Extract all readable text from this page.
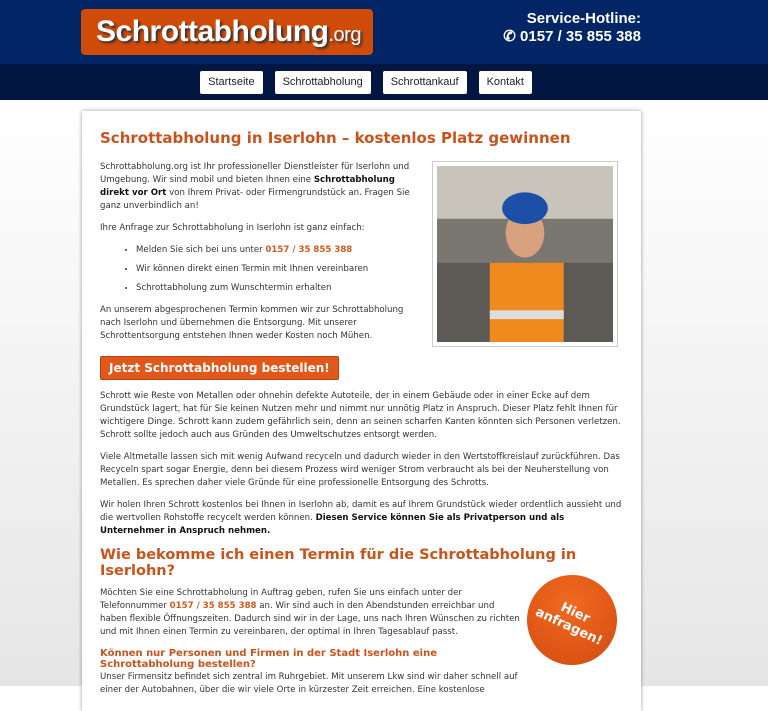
Schrottabholung.org
Service-Hotline:
✆ 0157 / 35 855 388
Startseite	Schrottabholung	Schrottankauf	Kontakt
Schrottabholung in Iserlohn – kostenlos Platz gewinnen

Schrottabholung.org ist Ihr professioneller Dienstleister für Iserlohn und Umgebung. Wir sind mobil und bieten Ihnen eine Schrottabholung direkt vor Ort von Ihrem Privat- oder Firmengrundstück an. Fragen Sie ganz unverbindlich an!

Ihre Anfrage zur Schrottabholung in Iserlohn ist ganz einfach:

• Melden Sie sich bei uns unter 0157 / 35 855 388
• Wir können direkt einen Termin mit Ihnen vereinbaren
• Schrottabholung zum Wunschtermin erhalten

An unserem abgesprochenen Termin kommen wir zur Schrottabholung nach Iserlohn und übernehmen die Entsorgung. Mit unserer Schrottentsorgung entstehen Ihnen weder Kosten noch Mühen.

Jetzt Schrottabholung bestellen!

Schrott wie Reste von Metallen oder ohnehin defekte Autoteile, der in einem Gebäude oder in einer Ecke auf dem Grundstück lagert, hat für Sie keinen Nutzen mehr und nimmt nur unnötig Platz in Anspruch. Dieser Platz fehlt Ihnen für wichtigere Dinge. Schrott kann zudem gefährlich sein, denn an seinen scharfen Kanten könnten sich Personen verletzen. Schrott sollte jedoch auch aus Gründen des Umweltschutzes entsorgt werden.

Viele Altmetalle lassen sich mit wenig Aufwand recyceln und dadurch wieder in den Wertstoffkreislauf zurückführen. Das Recyceln spart sogar Energie, denn bei diesem Prozess wird weniger Strom verbraucht als bei der Neuherstellung von Metallen. Es sprechen daher viele Gründe für eine professionelle Entsorgung des Schrotts.

Wir holen Ihren Schrott kostenlos bei Ihnen in Iserlohn ab, damit es auf Ihrem Grundstück wieder ordentlich aussieht und die wertvollen Rohstoffe recycelt werden können. Diesen Service können Sie als Privatperson und als Unternehmer in Anspruch nehmen.

Wie bekomme ich einen Termin für die Schrottabholung in Iserlohn?

Möchten Sie eine Schrottabholung in Auftrag geben, rufen Sie uns einfach unter der Telefonnummer 0157 / 35 855 388 an. Wir sind auch in den Abendstunden erreichbar und haben flexible Öffnungszeiten. Dadurch sind wir in der Lage, uns nach Ihren Wünschen zu richten und mit Ihnen einen Termin zu vereinbaren, der optimal in Ihren Tagesablauf passt.

Können nur Personen und Firmen in der Stadt Iserlohn eine Schrottabholung bestellen?

Unser Firmensitz befindet sich zentral im Ruhrgebiet. Mit unserem Lkw sind wir daher schnell auf einer der Autobahnen, über die wir viele Orte in kürzester Zeit erreichen. Eine kostenlose

Hier anfragen!
